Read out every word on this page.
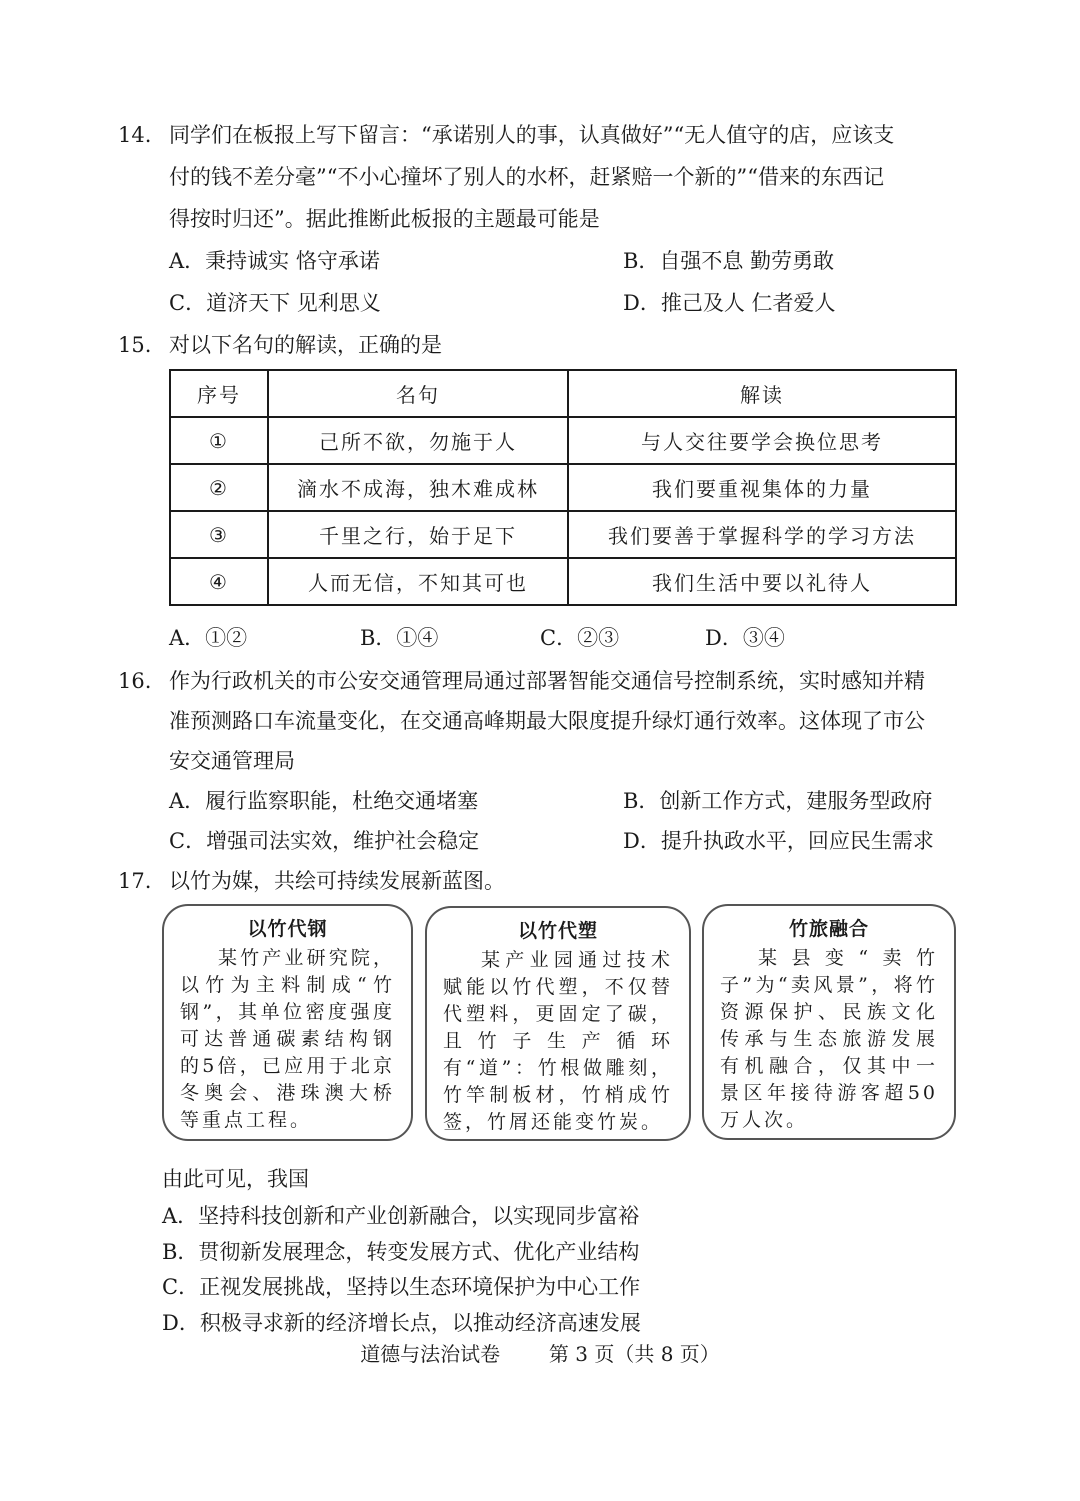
14. 同学们在板报上写下留言：“承诺别人的事，认真做好”“无人值守的店，应该支
付的钱不差分毫”“不小心撞坏了别人的水杯，赶紧赔一个新的”“借来的东西记
得按时归还”。据此推断此板报的主题最可能是
A．秉持诚实 恪守承诺	B．自强不息 勤劳勇敢
C．道济天下 见利思义	D．推己及人 仁者爱人
15. 对以下名句的解读，正确的是
序号	名句	解读
①	己所不欲，勿施于人	与人交往要学会换位思考
②	滴水不成海，独木难成林	我们要重视集体的力量
③	千里之行，始于足下	我们要善于掌握科学的学习方法
④	人而无信，不知其可也	我们生活中要以礼待人
A．①②	B．①④	C．②③	D．③④
16. 作为行政机关的市公安交通管理局通过部署智能交通信号控制系统，实时感知并精
准预测路口车流量变化，在交通高峰期最大限度提升绿灯通行效率。这体现了市公
安交通管理局
A．履行监察职能，杜绝交通堵塞	B．创新工作方式，建服务型政府
C．增强司法实效，维护社会稳定	D．提升执政水平，回应民生需求
17. 以竹为媒，共绘可持续发展新蓝图。
以竹代钢

某竹产业研究院，以竹为主料制成“竹钢”，其单位密度强度可达普通碳素结构钢的5倍，已应用于北京冬奥会、港珠澳大桥等重点工程。

以竹代塑

某产业园通过技术赋能以竹代塑，不仅替代塑料，更固定了碳，且竹子生产循环有“道”：竹根做雕刻，竹竿制板材，竹梢成竹签，竹屑还能变竹炭。

竹旅融合

某县变“卖竹子”为“卖风景”，将竹资源保护、民族文化传承与生态旅游发展有机融合，仅其中一景区年接待游客超50万人次。

由此可见，我国
A．坚持科技创新和产业创新融合，以实现同步富裕
B．贯彻新发展理念，转变发展方式、优化产业结构
C．正视发展挑战，坚持以生态环境保护为中心工作
D．积极寻求新的经济增长点，以推动经济高速发展
道德与法治试卷 第 3 页（共 8 页）
